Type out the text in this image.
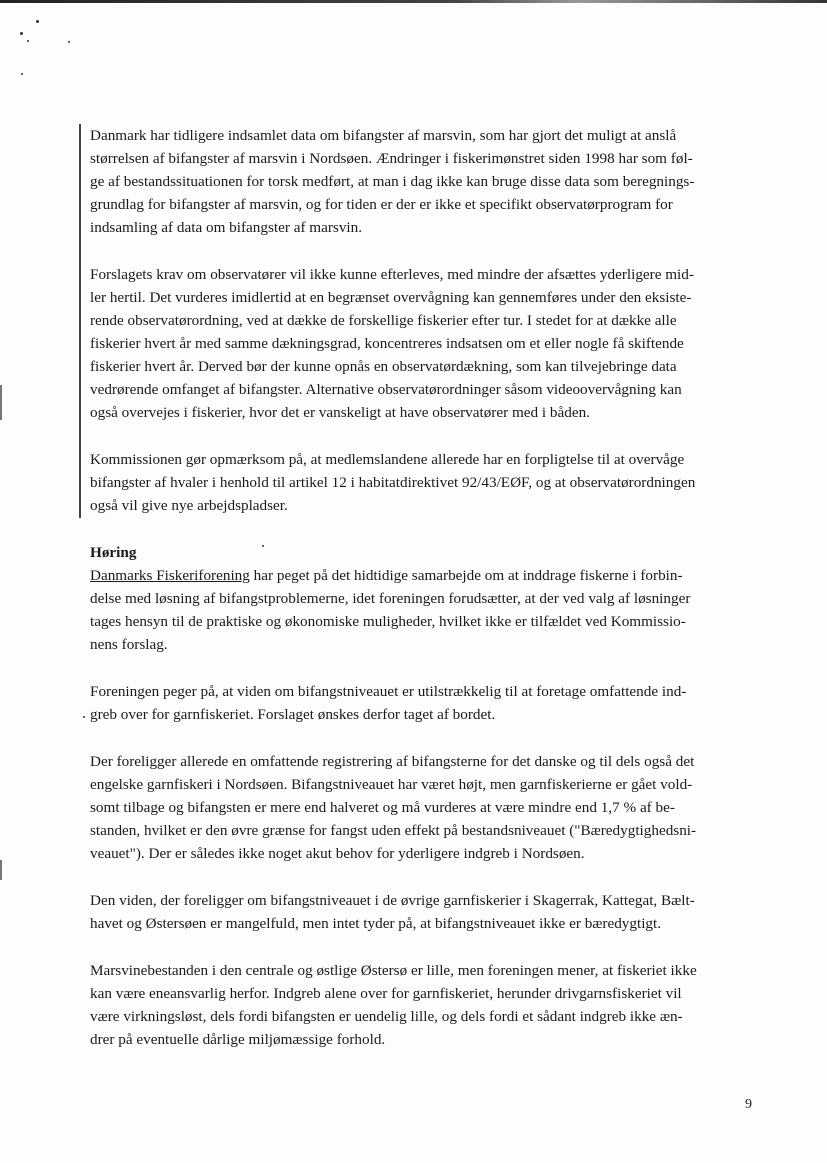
Danmark har tidligere indsamlet data om bifangster af marsvin, som har gjort det muligt at anslå
størrelsen af bifangster af marsvin i Nordsøen. Ændringer i fiskerimønstret siden 1998 har som føl-
ge af bestandssituationen for torsk medført, at man i dag ikke kan bruge disse data som beregnings-
grundlag for bifangster af marsvin, og for tiden er der er ikke et specifikt observatørprogram for
indsamling af data om bifangster af marsvin.

Forslagets krav om observatører vil ikke kunne efterleves, med mindre der afsættes yderligere mid-
ler hertil. Det vurderes imidlertid at en begrænset overvågning kan gennemføres under den eksiste-
rende observatørordning, ved at dække de forskellige fiskerier efter tur. I stedet for at dække alle
fiskerier hvert år med samme dækningsgrad, koncentreres indsatsen om et eller nogle få skiftende
fiskerier hvert år. Derved bør der kunne opnås en observatørdækning, som kan tilvejebringe data
vedrørende omfanget af bifangster. Alternative observatørordninger såsom videoovervågning kan
også overvejes i fiskerier, hvor det er vanskeligt at have observatører med i båden.

Kommissionen gør opmærksom på, at medlemslandene allerede har en forpligtelse til at overvåge
bifangster af hvaler i henhold til artikel 12 i habitatdirektivet 92/43/EØF, og at observatørordningen
også vil give nye arbejdspladser.

Høring
Danmarks Fiskeriforening har peget på det hidtidige samarbejde om at inddrage fiskerne i forbin-
delse med løsning af bifangstproblemerne, idet foreningen forudsætter, at der ved valg af løsninger
tages hensyn til de praktiske og økonomiske muligheder, hvilket ikke er tilfældet ved Kommissio-
nens forslag.

Foreningen peger på, at viden om bifangstniveauet er utilstrækkelig til at foretage omfattende ind-
greb over for garnfiskeriet. Forslaget ønskes derfor taget af bordet.

Der foreligger allerede en omfattende registrering af bifangsterne for det danske og til dels også det
engelske garnfiskeri i Nordsøen. Bifangstniveauet har været højt, men garnfiskerierne er gået vold-
somt tilbage og bifangsten er mere end halveret og må vurderes at være mindre end 1,7 % af be-
standen, hvilket er den øvre grænse for fangst uden effekt på bestandsniveauet ("Bæredygtighedsni-
veauet"). Der er således ikke noget akut behov for yderligere indgreb i Nordsøen.

Den viden, der foreligger om bifangstniveauet i de øvrige garnfiskerier i Skagerrak, Kattegat, Bælt-
havet og Østersøen er mangelfuld, men intet tyder på, at bifangstniveauet ikke er bæredygtigt.

Marsvinebestanden i den centrale og østlige Østersø er lille, men foreningen mener, at fiskeriet ikke
kan være eneansvarlig herfor. Indgreb alene over for garnfiskeriet, herunder drivgarnsfiskeriet vil
være virkningsløst, dels fordi bifangsten er uendelig lille, og dels fordi et sådant indgreb ikke æn-
drer på eventuelle dårlige miljømæssige forhold.

9
